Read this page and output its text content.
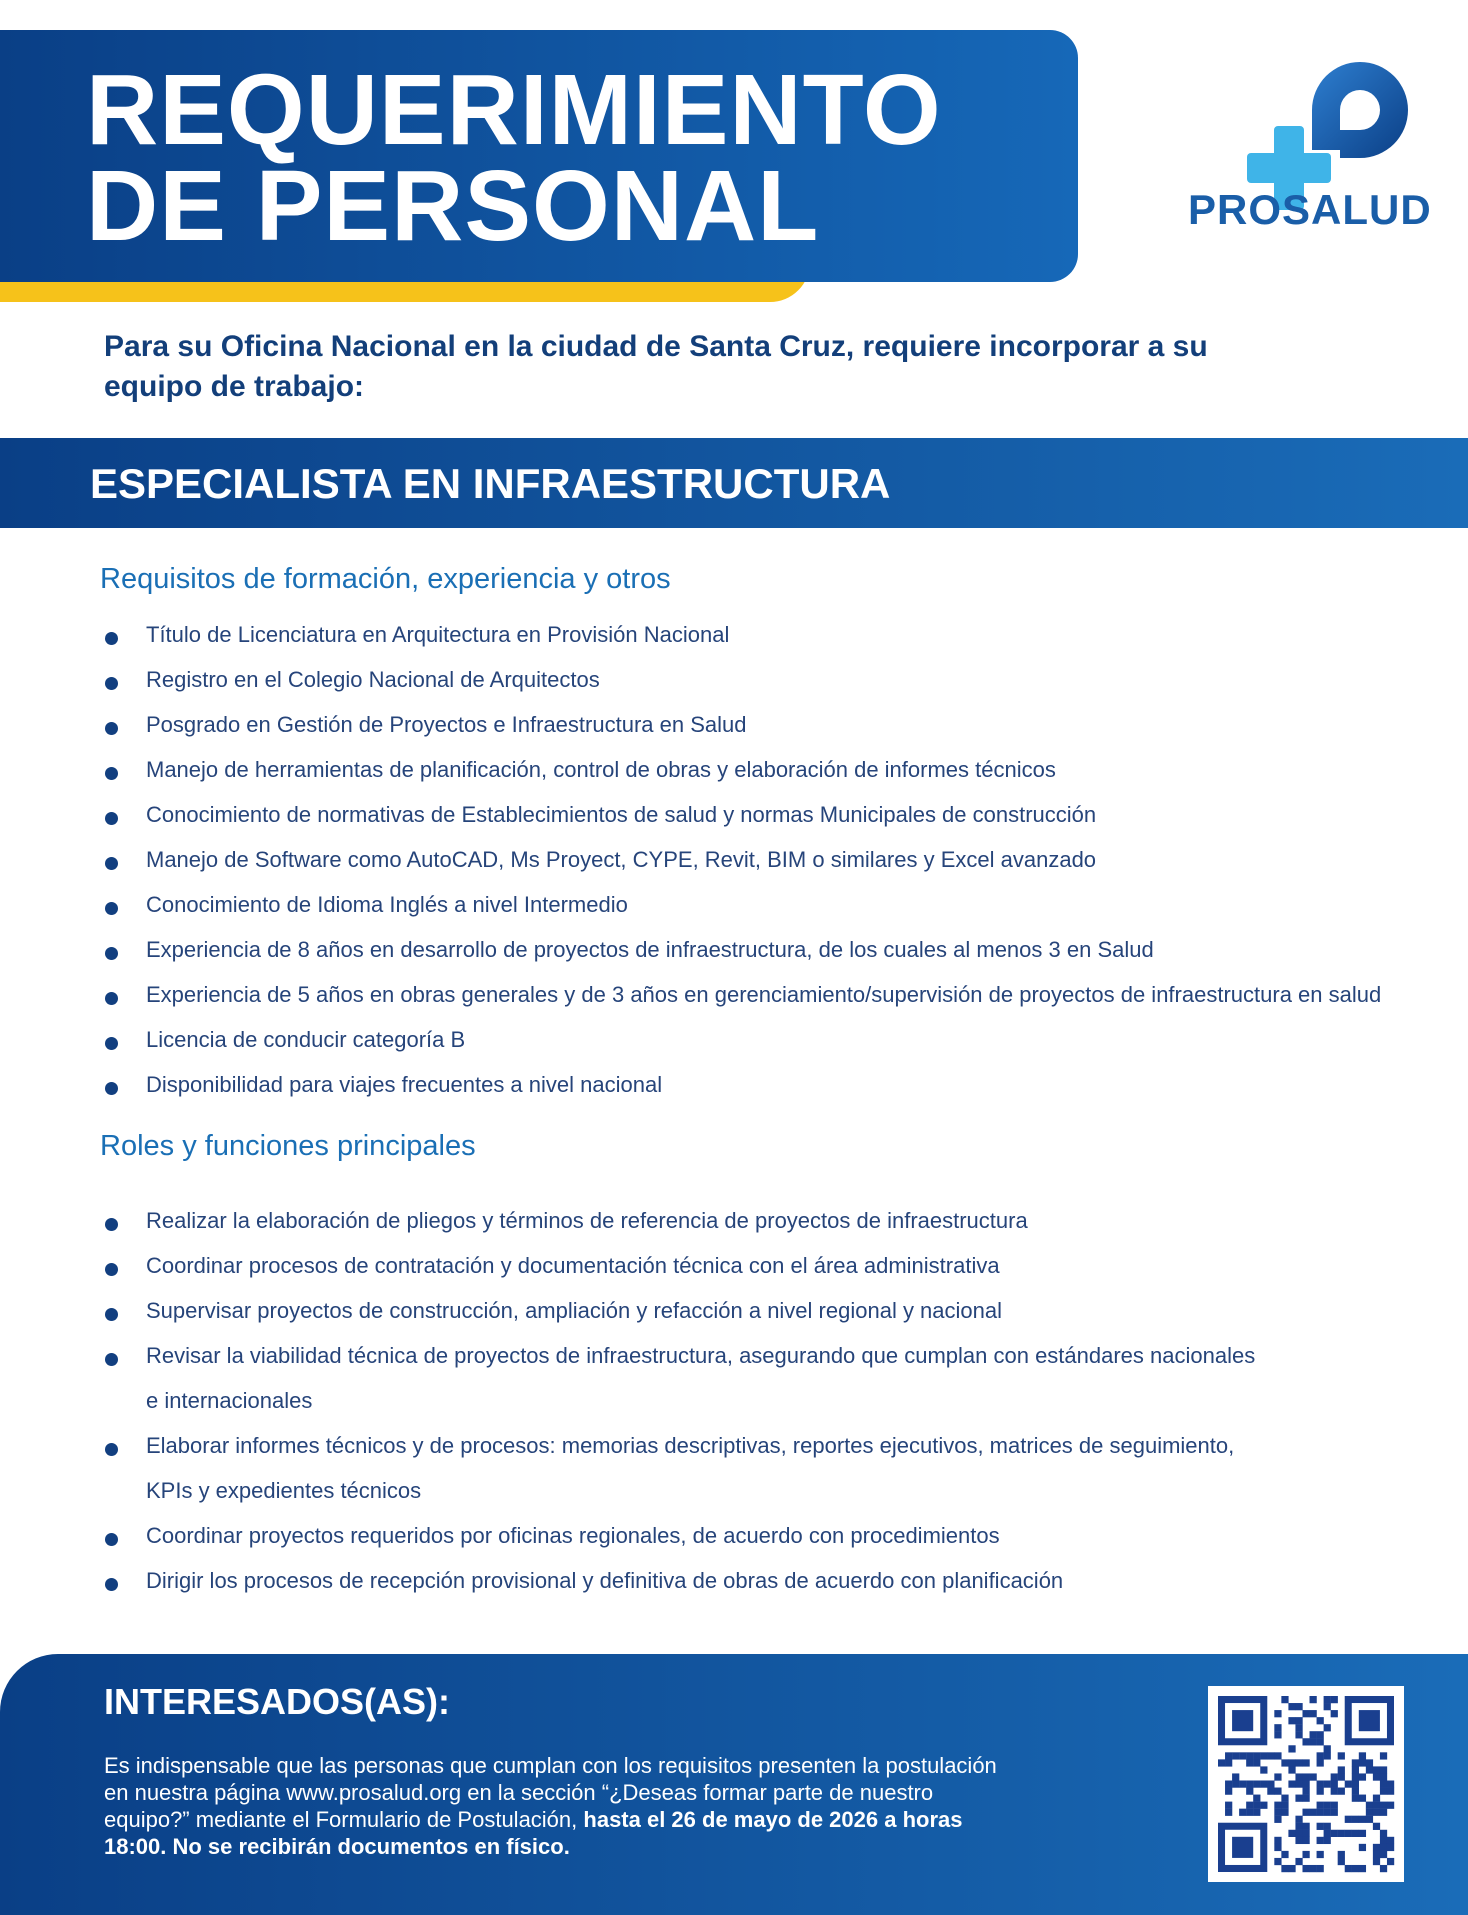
REQUERIMIENTO
DE PERSONAL	PROSALUD
Para su Oficina Nacional en la ciudad de Santa Cruz, requiere incorporar a su equipo de trabajo:
ESPECIALISTA EN INFRAESTRUCTURA
Requisitos de formación, experiencia y otros
Título de Licenciatura en Arquitectura en Provisión Nacional
Registro en el Colegio Nacional de Arquitectos
Posgrado en Gestión de Proyectos e Infraestructura en Salud
Manejo de herramientas de planificación, control de obras y elaboración de informes técnicos
Conocimiento de normativas de Establecimientos de salud y normas Municipales de construcción
Manejo de Software como AutoCAD, Ms Proyect, CYPE, Revit, BIM o similares y Excel avanzado
Conocimiento de Idioma Inglés a nivel Intermedio
Experiencia de 8 años en desarrollo de proyectos de infraestructura, de los cuales al menos 3 en Salud
Experiencia de 5 años en obras generales y de 3 años en gerenciamiento/supervisión de proyectos de infraestructura en salud
Licencia de conducir categoría B
Disponibilidad para viajes frecuentes a nivel nacional
Roles y funciones principales
Realizar la elaboración de pliegos y términos de referencia de proyectos de infraestructura
Coordinar procesos de contratación y documentación técnica con el área administrativa
Supervisar proyectos de construcción, ampliación y refacción a nivel regional y nacional
Revisar la viabilidad técnica de proyectos de infraestructura, asegurando que cumplan con estándares nacionales
e internacionales
Elaborar informes técnicos y de procesos: memorias descriptivas, reportes ejecutivos, matrices de seguimiento,
KPIs y expedientes técnicos
Coordinar proyectos requeridos por oficinas regionales, de acuerdo con procedimientos
Dirigir los procesos de recepción provisional y definitiva de obras de acuerdo con planificación
INTERESADOS(AS):
Es indispensable que las personas que cumplan con los requisitos presenten la postulación en nuestra página www.prosalud.org en la sección “¿Deseas formar parte de nuestro equipo?” mediante el Formulario de Postulación, hasta el 26 de mayo de 2026 a horas 18:00. No se recibirán documentos en físico.
